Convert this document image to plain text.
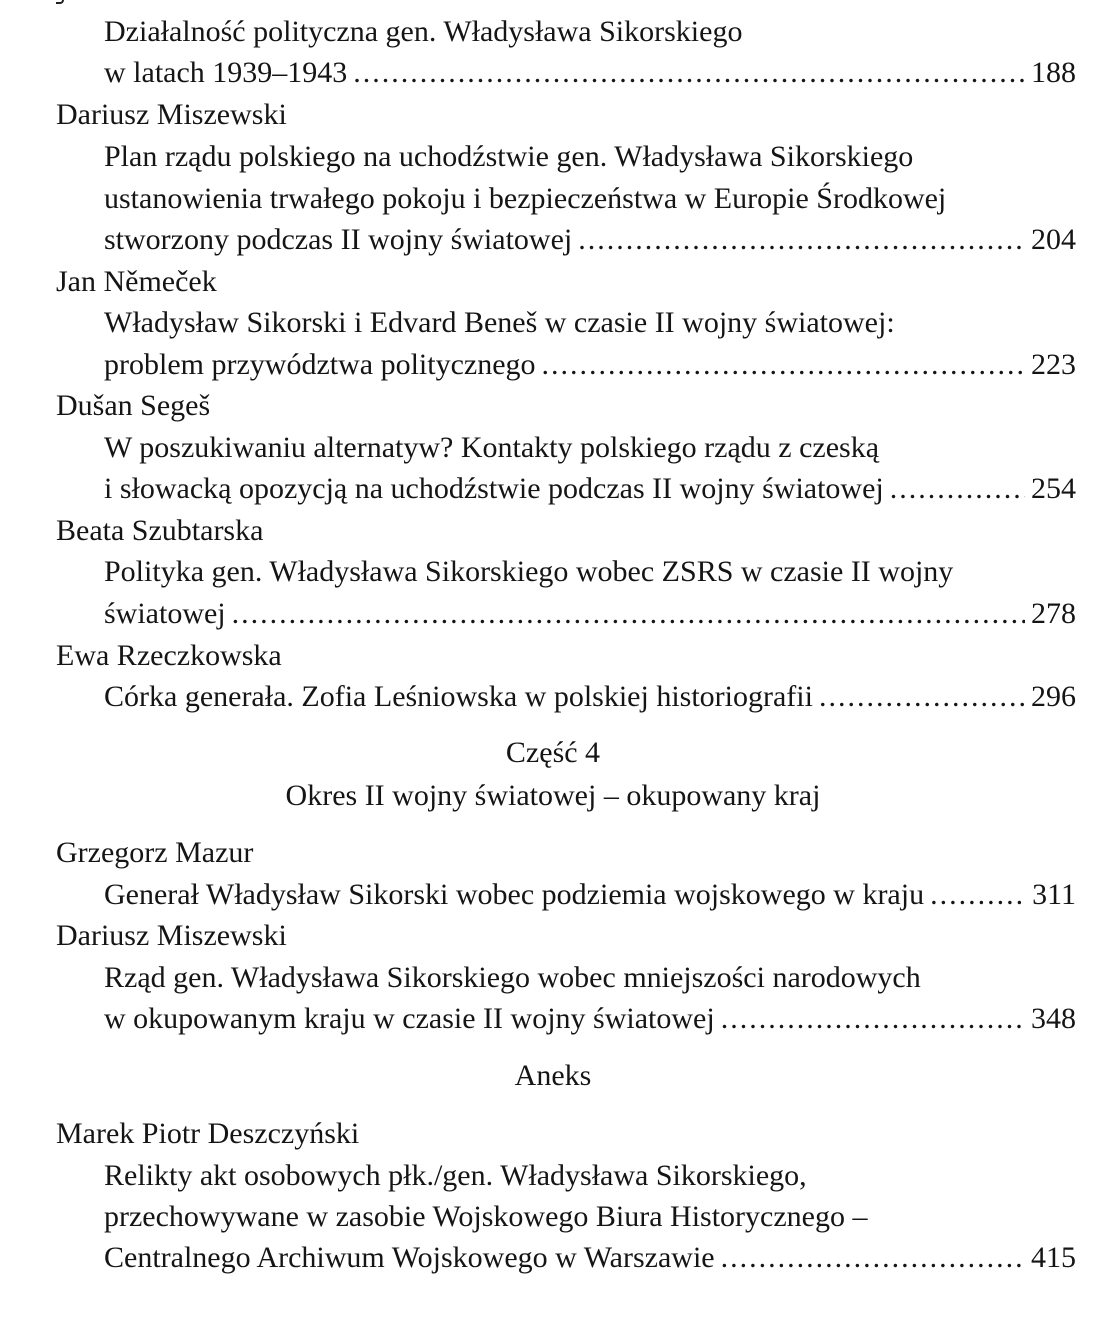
Działalność polityczna gen. Władysława Sikorskiego
w latach 1939–1943 .....	188
Dariusz Miszewski
Plan rządu polskiego na uchodźstwie gen. Władysława Sikorskiego
ustanowienia trwałego pokoju i bezpieczeństwa w Europie Środkowej
stworzony podczas II wojny światowej .....	204
Jan Němeček
Władysław Sikorski i Edvard Beneš w czasie II wojny światowej:
problem przywództwa politycznego .....	223
Dušan Segeš
W poszukiwaniu alternatyw? Kontakty polskiego rządu z czeską
i słowacką opozycją na uchodźstwie podczas II wojny światowej .....	254
Beata Szubtarska
Polityka gen. Władysława Sikorskiego wobec ZSRS w czasie II wojny
światowej .....	278
Ewa Rzeczkowska
Córka generała. Zofia Leśniowska w polskiej historiografii .....	296
Część 4
Okres II wojny światowej – okupowany kraj
Grzegorz Mazur
Generał Władysław Sikorski wobec podziemia wojskowego w kraju .....	311
Dariusz Miszewski
Rząd gen. Władysława Sikorskiego wobec mniejszości narodowych
w okupowanym kraju w czasie II wojny światowej .....	348
Aneks
Marek Piotr Deszczyński
Relikty akt osobowych płk./gen. Władysława Sikorskiego,
przechowywane w zasobie Wojskowego Biura Historycznego –
Centralnego Archiwum Wojskowego w Warszawie .....	415
